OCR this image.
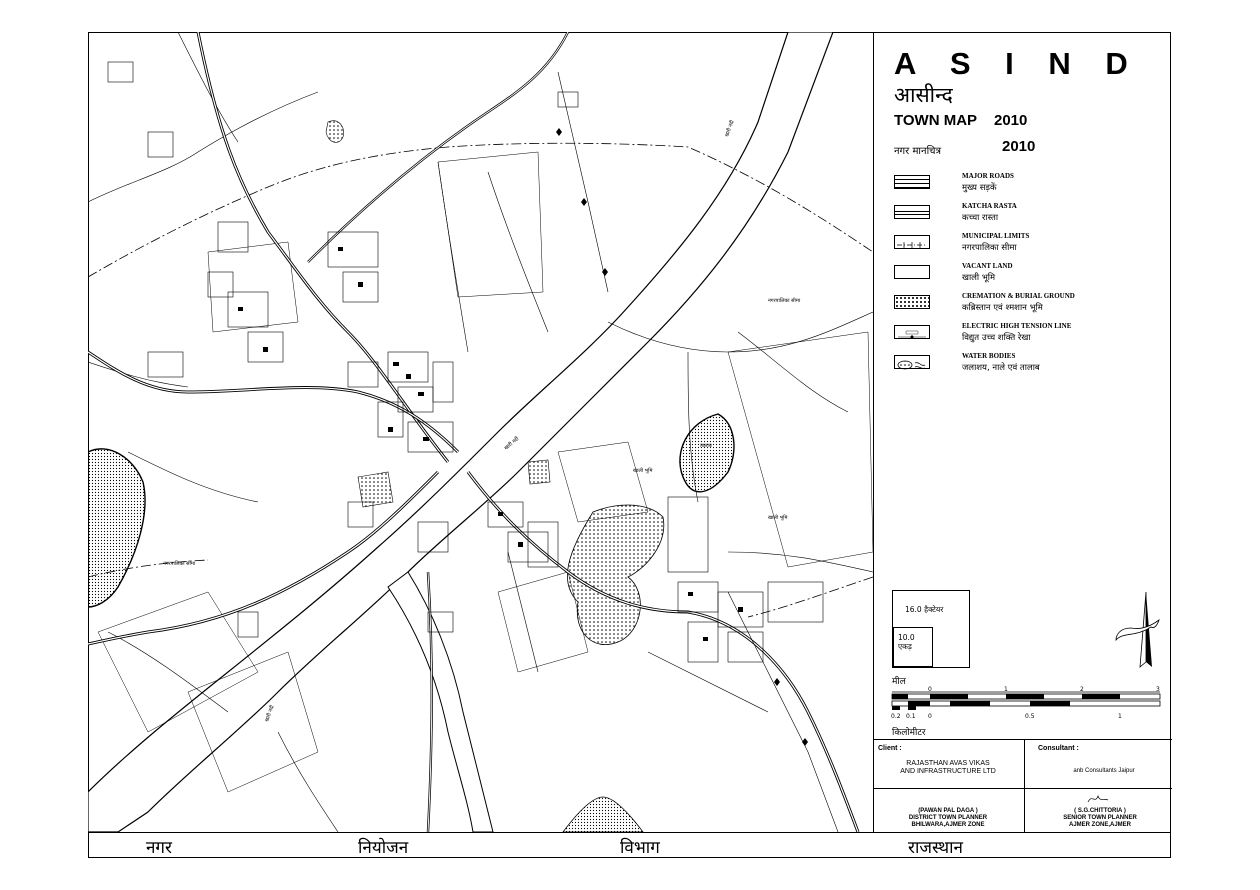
खारी नदी
खारी नदी
खारी नदी
नगरपालिका सीमा
नगरपालिका सीमा
खाली भूमि
खाली भूमि
तालाब
A S I N D
आसीन्द
TOWN MAP 2010
नगर मानचित्र	2010
MAJOR ROADS
मुख्य सड़कें
KATCHA RASTA
कच्चा रास्ता
MUNICIPAL LIMITS
नगरपालिका सीमा
VACANT LAND
खाली भूमि
CREMATION & BURIAL GROUND
कब्रिस्तान एवं श्मशान भूमि
ELECTRIC HIGH TENSION LINE
विद्युत उच्च शक्ति रेखा
WATER BODIES
जलाशय, नाले एवं तालाब
16.0 हैक्टेयर
10.0
एकड़
मील
0	1	2	3
0.2 0.1 0	0.5	1
किलोमीटर
Client :
RAJASTHAN AVAS VIKAS
AND INFRASTRUCTURE LTD
Consultant :
anb Consultants Jaipur
(PAWAN PAL DAGA )
DISTRICT TOWN PLANNER
BHILWARA,AJMER ZONE
( S.G.CHITTORIA )
SENIOR TOWN PLANNER
AJMER ZONE,AJMER
नगर	नियोजन	विभाग	राजस्थान
